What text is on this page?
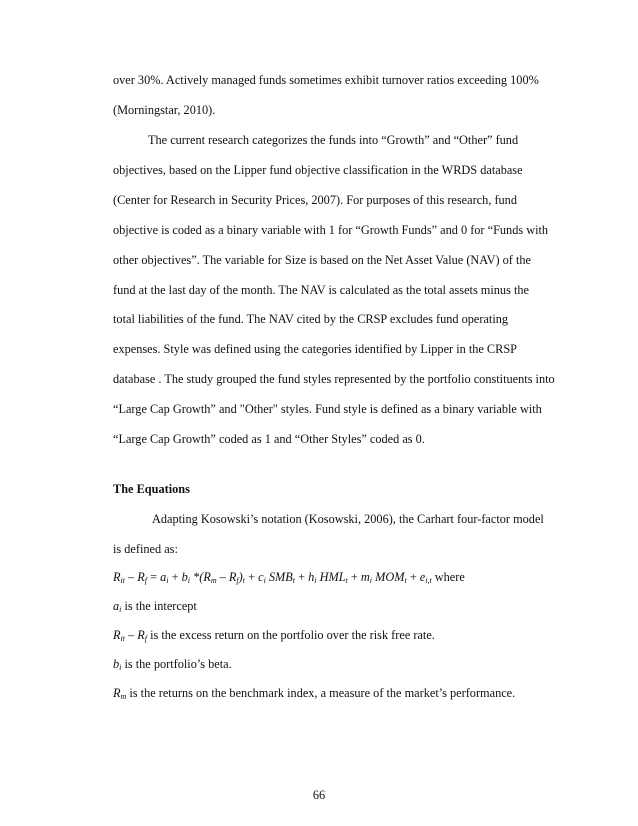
over 30%. Actively managed funds sometimes exhibit turnover ratios exceeding 100%
(Morningstar, 2010).
The current research categorizes the funds into “Growth” and “Other” fund
objectives, based on the Lipper fund objective classification in the WRDS database
(Center for Research in Security Prices, 2007). For purposes of this research, fund
objective is coded as a binary variable with 1 for “Growth Funds” and 0 for “Funds with
other objectives”. The variable for Size is based on the Net Asset Value (NAV) of the
fund at the last day of the month. The NAV is calculated as the total assets minus the
total liabilities of the fund. The NAV cited by the CRSP excludes fund operating
expenses. Style was defined using the categories identified by Lipper in the CRSP
database . The study grouped the fund styles represented by the portfolio constituents into
“Large Cap Growth” and "Other" styles. Fund style is defined as a binary variable with
“Large Cap Growth” coded as 1 and “Other Styles” coded as 0.
The Equations
Adapting Kosowski’s notation (Kosowski, 2006), the Carhart four-factor model
is defined as:
$R_{it} - R_f = a_i + b_i$ $*(R_m - R_f)_t + c_i$ $SMB_t + h_i$ $HML_t + m_i$ $MOM_t + e_{i,t}$ where
$a_i$ is the intercept
$R_{it} - R_f$ is the excess return on the portfolio over the risk free rate.
$b_i$ is the portfolio’s beta.
$R_m$ is the returns on the benchmark index, a measure of the market’s performance.
66
